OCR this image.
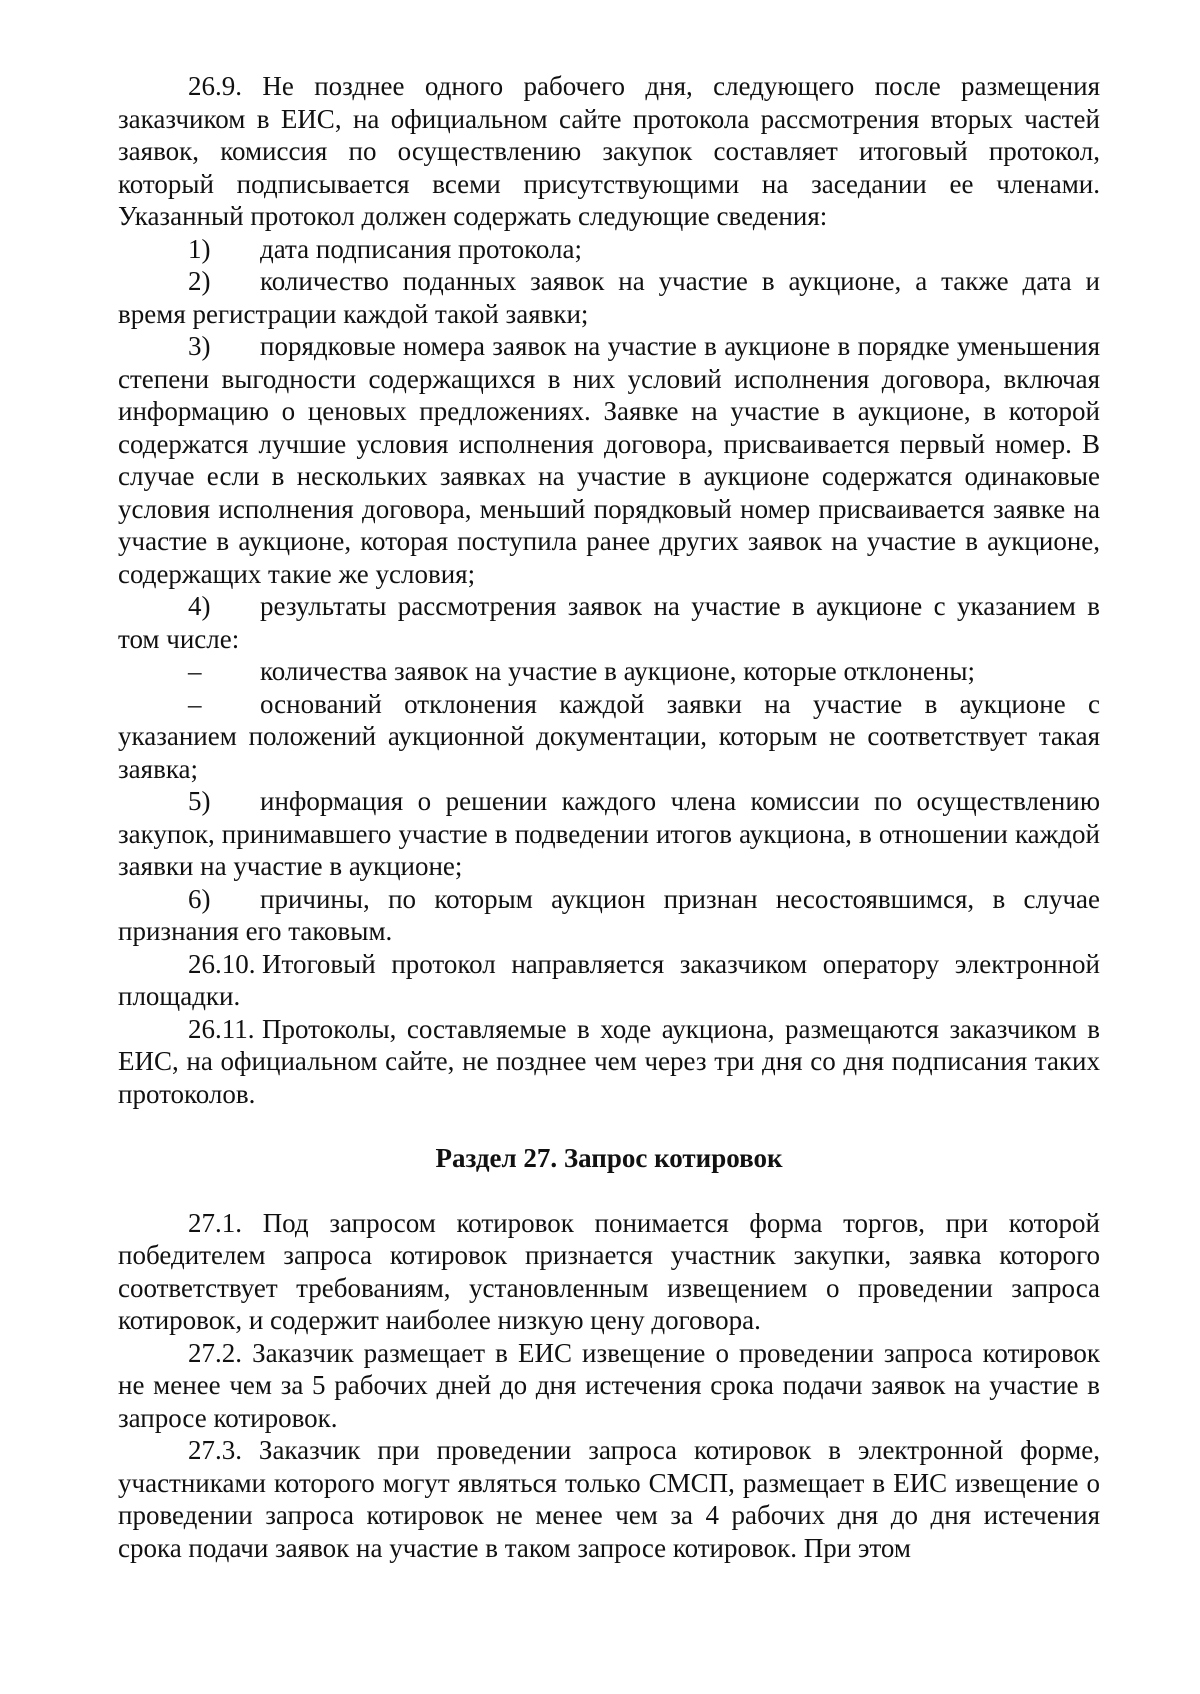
26.9. Не позднее одного рабочего дня, следующего после размещения заказчиком в ЕИС, на официальном сайте протокола рассмотрения вторых частей заявок, комиссия по осуществлению закупок составляет итоговый протокол, который подписывается всеми присутствующими на заседании ее членами. Указанный протокол должен содержать следующие сведения:

1) дата подписания протокола;

2) количество поданных заявок на участие в аукционе, а также дата и время регистрации каждой такой заявки;

3) порядковые номера заявок на участие в аукционе в порядке уменьшения степени выгодности содержащихся в них условий исполнения договора, включая информацию о ценовых предложениях. Заявке на участие в аукционе, в которой содержатся лучшие условия исполнения договора, присваивается первый номер. В случае если в нескольких заявках на участие в аукционе содержатся одинаковые условия исполнения договора, меньший порядковый номер присваивается заявке на участие в аукционе, которая поступила ранее других заявок на участие в аукционе, содержащих такие же условия;

4) результаты рассмотрения заявок на участие в аукционе с указанием в том числе:

– количества заявок на участие в аукционе, которые отклонены;

– оснований отклонения каждой заявки на участие в аукционе с указанием положений аукционной документации, которым не соответствует такая заявка;

5) информация о решении каждого члена комиссии по осуществлению закупок, принимавшего участие в подведении итогов аукциона, в отношении каждой заявки на участие в аукционе;

6) причины, по которым аукцион признан несостоявшимся, в случае признания его таковым.

26.10. Итоговый протокол направляется заказчиком оператору электронной площадки.

26.11. Протоколы, составляемые в ходе аукциона, размещаются заказчиком в ЕИС, на официальном сайте, не позднее чем через три дня со дня подписания таких протоколов.

Раздел 27. Запрос котировок

27.1. Под запросом котировок понимается форма торгов, при которой победителем запроса котировок признается участник закупки, заявка которого соответствует требованиям, установленным извещением о проведении запроса котировок, и содержит наиболее низкую цену договора.

27.2. Заказчик размещает в ЕИС извещение о проведении запроса котировок не менее чем за 5 рабочих дней до дня истечения срока подачи заявок на участие в запросе котировок.

27.3. Заказчик при проведении запроса котировок в электронной форме, участниками которого могут являться только СМСП, размещает в ЕИС извещение о проведении запроса котировок не менее чем за 4 рабочих дня до дня истечения срока подачи заявок на участие в таком запросе котировок. При этом
